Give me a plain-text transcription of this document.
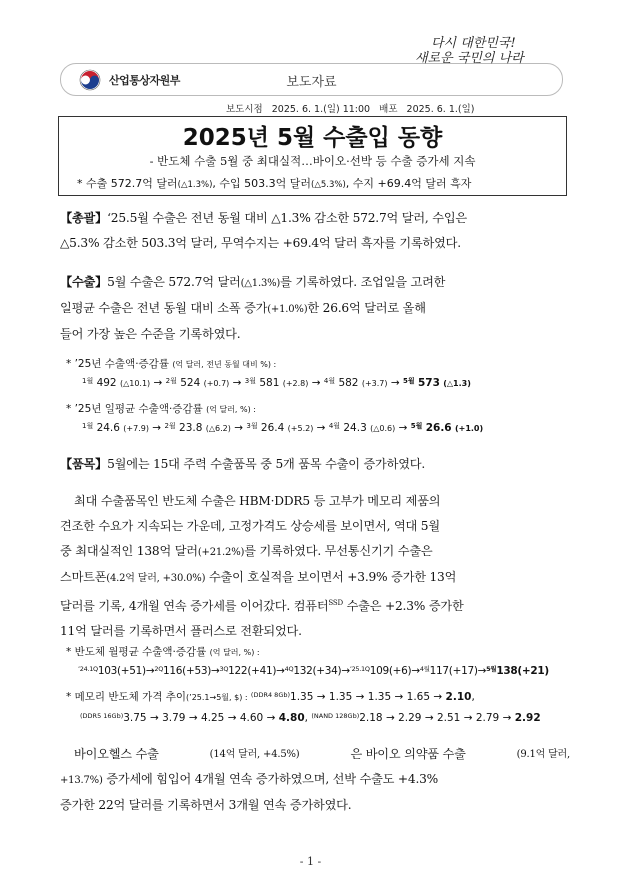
산업통상자원부	보도자료
다시 대한민국!
새로운 국민의 나라
보도시점 2025. 6. 1.(일) 11:00 배포 2025. 6. 1.(일)
2025년 5월 수출입 동향
- 반도체 수출 5월 중 최대실적…바이오·선박 등 수출 증가세 지속
* 수출 572.7억 달러(△1.3%), 수입 503.3억 달러(△5.3%), 수지 +69.4억 달러 흑자
【총괄】‘25.5월 수출은 전년 동월 대비 △1.3% 감소한 572.7억 달러, 수입은
△5.3% 감소한 503.3억 달러, 무역수지는 +69.4억 달러 흑자를 기록하였다.
【수출】5월 수출은 572.7억 달러(△1.3%)를 기록하였다. 조업일을 고려한
일평균 수출은 전년 동월 대비 소폭 증가(+1.0%)한 26.6억 달러로 올해
들어 가장 높은 수준을 기록하였다.
* ’25년 수출액·증감률 (억 달러, 전년 동월 대비 %) :
$^{1월}$ 492 (△10.1) → $^{2월}$ 524 (+0.7) → $^{3월}$ 581 (+2.8) → $^{4월}$ 582 (+3.7) → $^{5월}$ 573 (△1.3)
* ’25년 일평균 수출액·증감률 (억 달러, %) :
$^{1월}$ 24.6 (+7.9) → $^{2월}$ 23.8 (△6.2) → $^{3월}$ 26.4 (+5.2) → $^{4월}$ 24.3 (△0.6) → $^{5월}$ 26.6 (+1.0)
【품목】5월에는 15대 주력 수출품목 중 5개 품목 수출이 증가하였다.
최대 수출품목인 반도체 수출은 HBM·DDR5 등 고부가 메모리 제품의
견조한 수요가 지속되는 가운데, 고정가격도 상승세를 보이면서, 역대 5월
중 최대실적인 138억 달러(+21.2%)를 기록하였다. 무선통신기기 수출은
스마트폰(4.2억 달러, +30.0%) 수출이 호실적을 보이면서 +3.9% 증가한 13억
달러를 기록, 4개월 연속 증가세를 이어갔다. 컴퓨터$^{SSD}$ 수출은 +2.3% 증가한
11억 달러를 기록하면서 플러스로 전환되었다.
* 반도체 월평균 수출액·증감률 (억 달러, %) :
$^{’24.1Q}$103(+51)→$^{2Q}$116(+53)→$^{3Q}$122(+41)→$^{4Q}$132(+34)→$^{’25.1Q}$109(+6)→$^{4월}$117(+17)→$^{5월}$138(+21)
* 메모리 반도체 가격 추이(’25.1→5월, $) : $^{(DDR4 8Gb)}$1.35 → 1.35 → 1.35 → 1.65 → 2.10,
$^{(DDR5 16Gb)}$3.75 → 3.79 → 4.25 → 4.60 → 4.80, $^{(NAND 128Gb)}$2.18 → 2.29 → 2.51 → 2.79 → 2.92
바이오헬스 수출	(14억 달러, +4.5%)	은 바이오 의약품 수출	(9.1억 달러,
+13.7%) 증가세에 힘입어 4개월 연속 증가하였으며, 선박 수출도 +4.3%
증가한 22억 달러를 기록하면서 3개월 연속 증가하였다.
- 1 -
